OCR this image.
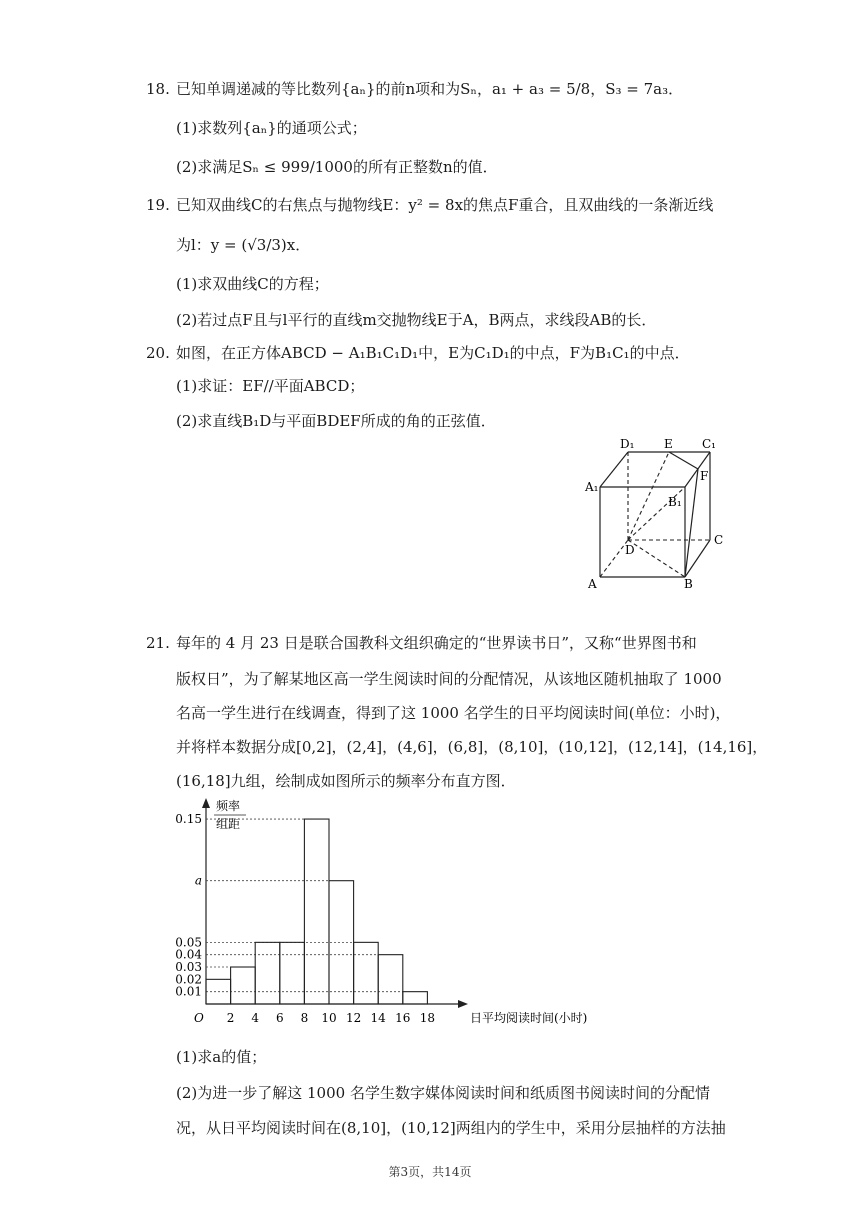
18. 已知单调递减的等比数列{aₙ}的前n项和为Sₙ，a₁ + a₃ = 5/8，S₃ = 7a₃．
(1)求数列{aₙ}的通项公式；
(2)求满足Sₙ ≤ 999/1000的所有正整数n的值．
19. 已知双曲线C的右焦点与抛物线E：y² = 8x的焦点F重合，且双曲线的一条渐近线
为l：y = (√3/3)x．
(1)求双曲线C的方程；
(2)若过点F且与l平行的直线m交抛物线E于A，B两点，求线段AB的长．
20. 如图，在正方体ABCD − A₁B₁C₁D₁中，E为C₁D₁的中点，F为B₁C₁的中点．
(1)求证：EF//平面ABCD；
(2)求直线B₁D与平面BDEF所成的角的正弦值．
A	B
C
D
A₁
B₁
C₁
D₁ E
F
21. 每年的 4 月 23 日是联合国教科文组织确定的“世界读书日”，又称“世界图书和
版权日”，为了解某地区高一学生阅读时间的分配情况，从该地区随机抽取了 1000
名高一学生进行在线调查，得到了这 1000 名学生的日平均阅读时间(单位：小时)，
并将样本数据分成[0,2]，(2,4]，(4,6]，(6,8]，(8,10]，(10,12]，(12,14]，(14,16]，
(16,18]九组，绘制成如图所示的频率分布直方图．
频率
组距
日平均阅读时间(小时)
O
0.15
a
0.05
0.04
0.03
0.02
0.01
2 4 6 8 10 12 14 16 18
(1)求a的值；
(2)为进一步了解这 1000 名学生数字媒体阅读时间和纸质图书阅读时间的分配情
况，从日平均阅读时间在(8,10]，(10,12]两组内的学生中，采用分层抽样的方法抽
第3页，共14页
